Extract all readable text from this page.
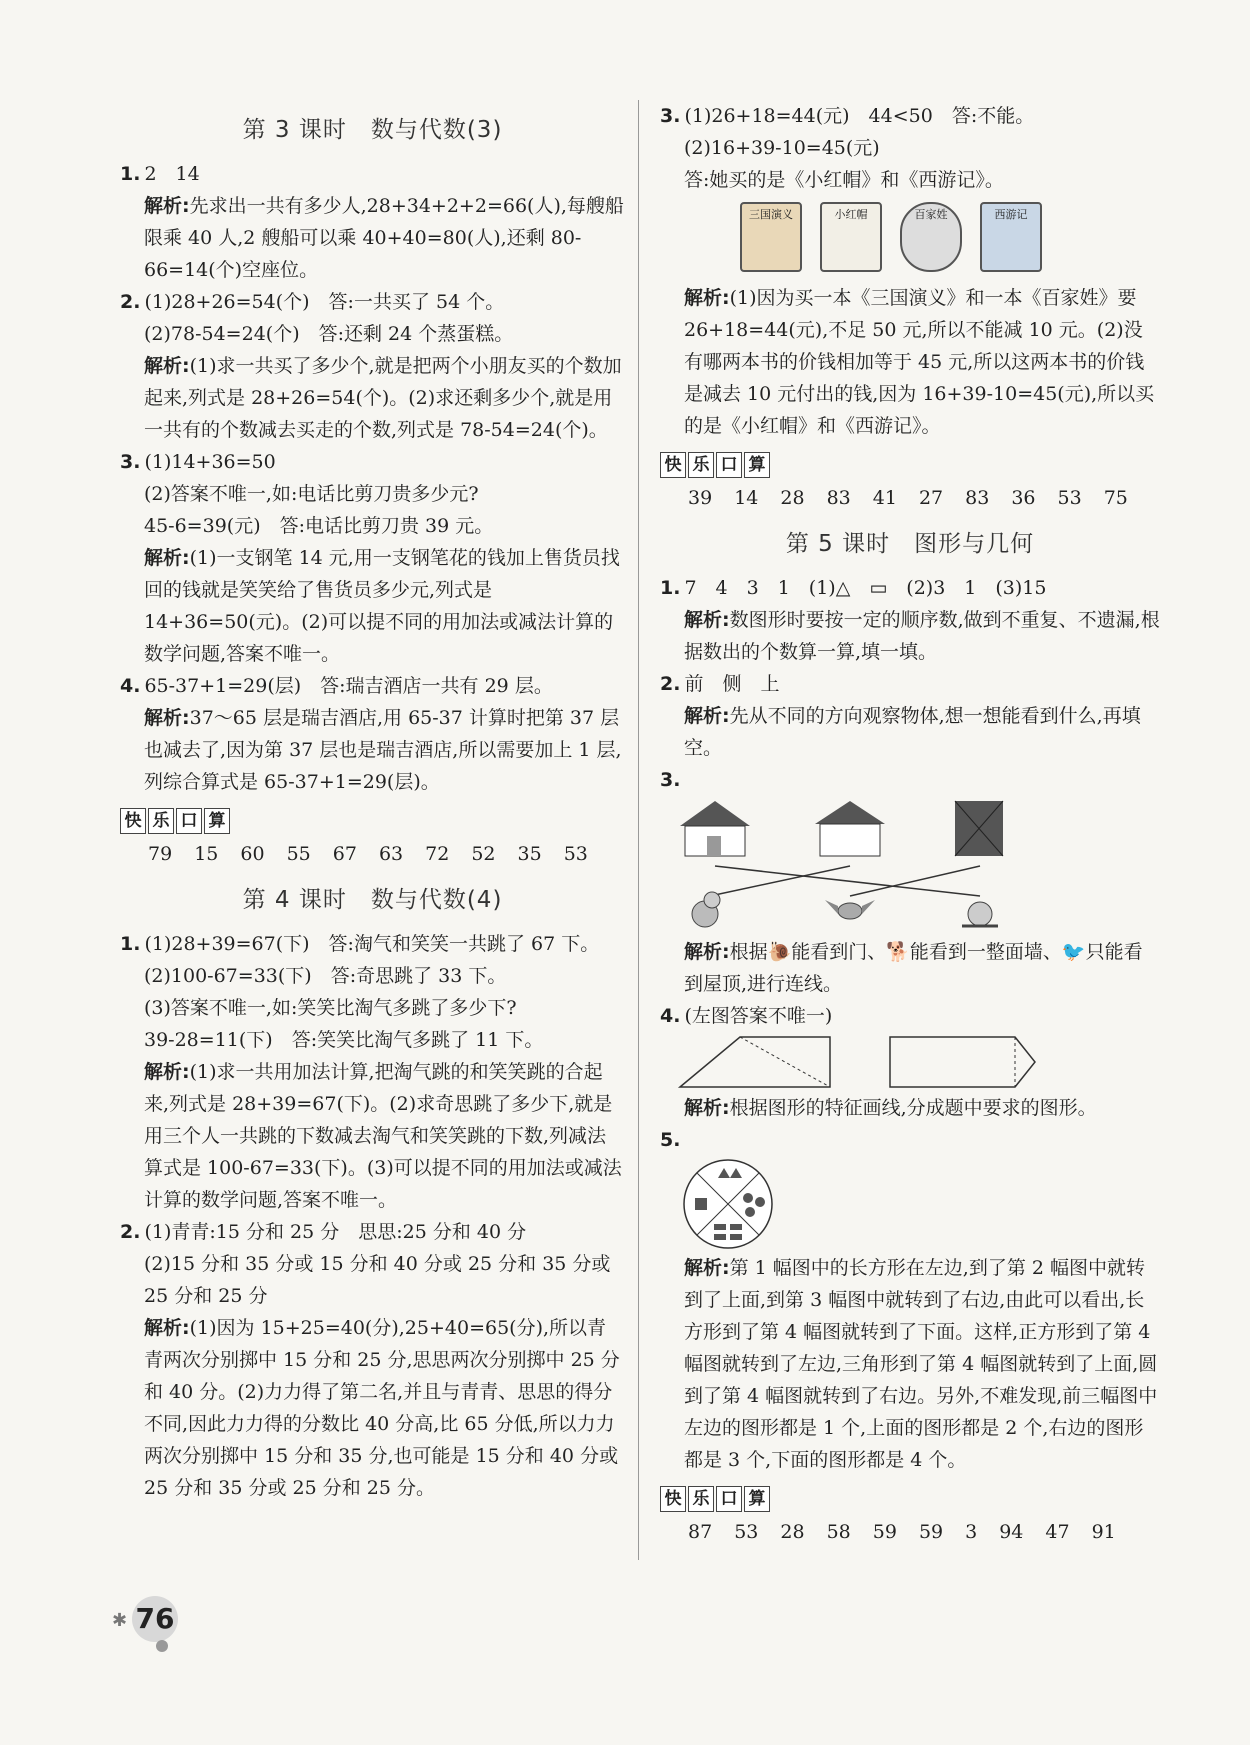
第 3 课时　数与代数(3)
1. 2　14
解析:先求出一共有多少人,28+34+2+2=66(人),每艘船限乘 40 人,2 艘船可以乘 40+40=80(人),还剩 80-66=14(个)空座位。
2. (1)28+26=54(个)　答:一共买了 54 个。
(2)78-54=24(个)　答:还剩 24 个蒸蛋糕。
解析:(1)求一共买了多少个,就是把两个小朋友买的个数加起来,列式是 28+26=54(个)。(2)求还剩多少个,就是用一共有的个数减去买走的个数,列式是 78-54=24(个)。
3. (1)14+36=50
(2)答案不唯一,如:电话比剪刀贵多少元?
45-6=39(元)　答:电话比剪刀贵 39 元。
解析:(1)一支钢笔 14 元,用一支钢笔花的钱加上售货员找回的钱就是笑笑给了售货员多少元,列式是 14+36=50(元)。(2)可以提不同的用加法或减法计算的数学问题,答案不唯一。
4. 65-37+1=29(层)　答:瑞吉酒店一共有 29 层。
解析:37～65 层是瑞吉酒店,用 65-37 计算时把第 37 层也减去了,因为第 37 层也是瑞吉酒店,所以需要加上 1 层,列综合算式是 65-37+1=29(层)。
快 乐 口 算
79 15 60 55 67 63 72 52 35 53
第 4 课时　数与代数(4)
1. (1)28+39=67(下)　答:淘气和笑笑一共跳了 67 下。
(2)100-67=33(下)　答:奇思跳了 33 下。
(3)答案不唯一,如:笑笑比淘气多跳了多少下?
39-28=11(下)　答:笑笑比淘气多跳了 11 下。
解析:(1)求一共用加法计算,把淘气跳的和笑笑跳的合起来,列式是 28+39=67(下)。(2)求奇思跳了多少下,就是用三个人一共跳的下数减去淘气和笑笑跳的下数,列减法算式是 100-67=33(下)。(3)可以提不同的用加法或减法计算的数学问题,答案不唯一。
2. (1)青青:15 分和 25 分　思思:25 分和 40 分
(2)15 分和 35 分或 15 分和 40 分或 25 分和 35 分或 25 分和 25 分
解析:(1)因为 15+25=40(分),25+40=65(分),所以青青两次分别掷中 15 分和 25 分,思思两次分别掷中 25 分和 40 分。(2)力力得了第二名,并且与青青、思思的得分不同,因此力力得的分数比 40 分高,比 65 分低,所以力力两次分别掷中 15 分和 35 分,也可能是 15 分和 40 分或 25 分和 35 分或 25 分和 25 分。
3. (1)26+18=44(元)　44<50　答:不能。
(2)16+39-10=45(元)
答:她买的是《小红帽》和《西游记》。
三国演义	小红帽	百家姓	西游记
解析:(1)因为买一本《三国演义》和一本《百家姓》要 26+18=44(元),不足 50 元,所以不能减 10 元。(2)没有哪两本书的价钱相加等于 45 元,所以这两本书的价钱是减去 10 元付出的钱,因为 16+39-10=45(元),所以买的是《小红帽》和《西游记》。
快 乐 口 算
39 14 28 83 41 27 83 36 53 75
第 5 课时　图形与几何
1. 7　4　3　1　(1)△　▭　(2)3　1　(3)15
解析:数图形时要按一定的顺序数,做到不重复、不遗漏,根据数出的个数算一算,填一填。
2. 前　侧　上
解析:先从不同的方向观察物体,想一想能看到什么,再填空。
3.
解析:根据🐌能看到门、🐕能看到一整面墙、🐦只能看到屋顶,进行连线。
4. (左图答案不唯一)
解析:根据图形的特征画线,分成题中要求的图形。
5.
解析:第 1 幅图中的长方形在左边,到了第 2 幅图中就转到了上面,到第 3 幅图中就转到了右边,由此可以看出,长方形到了第 4 幅图就转到了下面。这样,正方形到了第 4 幅图就转到了左边,三角形到了第 4 幅图就转到了上面,圆到了第 4 幅图就转到了右边。另外,不难发现,前三幅图中左边的图形都是 1 个,上面的图形都是 2 个,右边的图形都是 3 个,下面的图形都是 4 个。
快 乐 口 算
87 53 28 58 59 59 3 94 47 91
✱ 76
